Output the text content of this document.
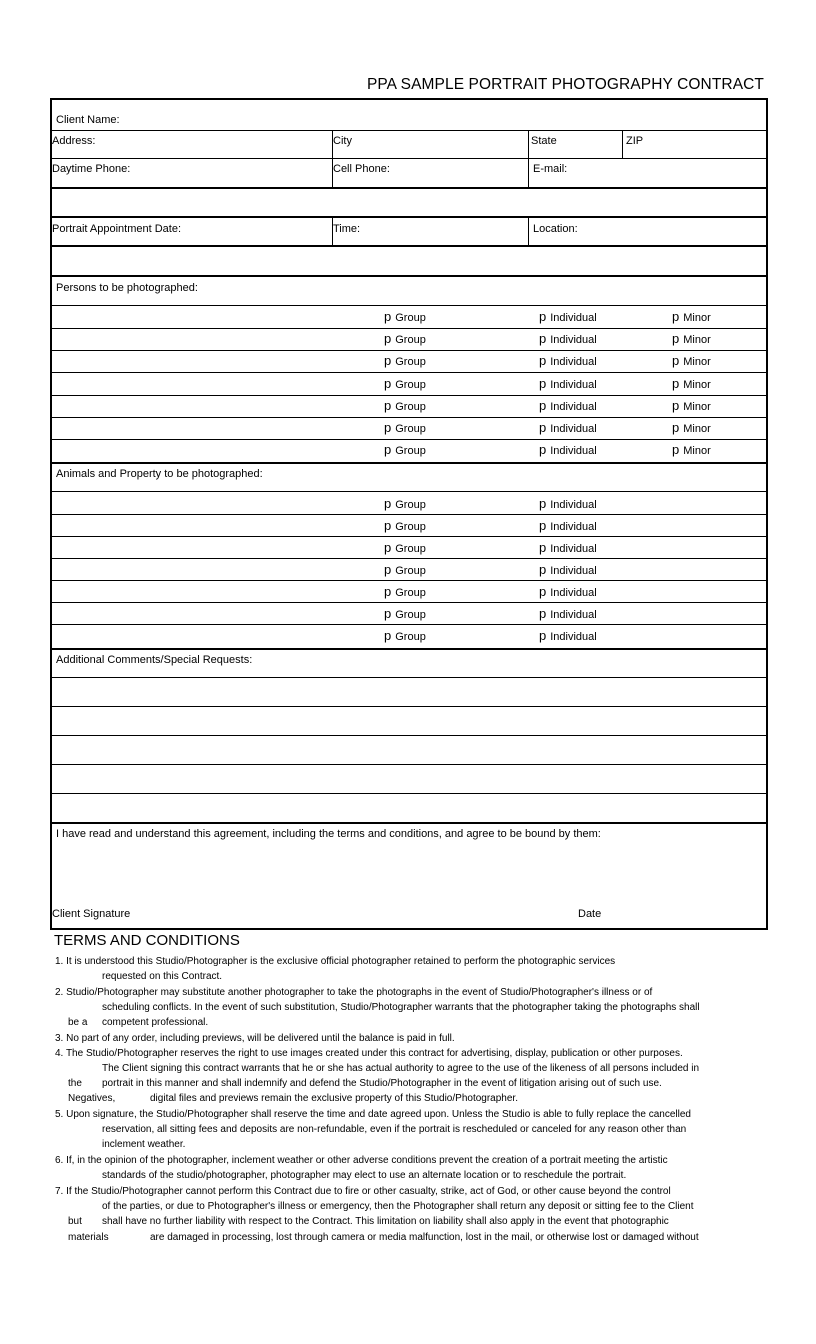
PPA SAMPLE PORTRAIT PHOTOGRAPHY CONTRACT
Client Name:
Address:	City	State	ZIP
Daytime Phone:	Cell Phone:	E-mail:
Portrait Appointment Date:	Time:	Location:
Persons to be photographed:
p Group	p Individual	p Minor
p Group	p Individual	p Minor
p Group	p Individual	p Minor
p Group	p Individual	p Minor
p Group	p Individual	p Minor
p Group	p Individual	p Minor
p Group	p Individual	p Minor
Animals and Property to be photographed:
p Group	p Individual
p Group	p Individual
p Group	p Individual
p Group	p Individual
p Group	p Individual
p Group	p Individual
p Group	p Individual
Additional Comments/Special Requests:
I have read and understand this agreement, including the terms and conditions, and agree to be bound by them:
Client Signature	Date
TERMS AND CONDITIONS
1. It is understood this Studio/Photographer is the exclusive official photographer retained to perform the photographic services
requested on this Contract.
2. Studio/Photographer may substitute another photographer to take the photographs in the event of Studio/Photographer's illness or of
scheduling conflicts. In the event of such substitution, Studio/Photographer warrants that the photographer taking the photographs shall
be a competent professional.
3. No part of any order, including previews, will be delivered until the balance is paid in full.
4. The Studio/Photographer reserves the right to use images created under this contract for advertising, display, publication or other purposes.
The Client signing this contract warrants that he or she has actual authority to agree to the use of the likeness of all persons included in
the portrait in this manner and shall indemnify and defend the Studio/Photographer in the event of litigation arising out of such use.
Negatives,	digital files and previews remain the exclusive property of this Studio/Photographer.
5. Upon signature, the Studio/Photographer shall reserve the time and date agreed upon. Unless the Studio is able to fully replace the cancelled
reservation, all sitting fees and deposits are non-refundable, even if the portrait is rescheduled or canceled for any reason other than
inclement weather.
6. If, in the opinion of the photographer, inclement weather or other adverse conditions prevent the creation of a portrait meeting the artistic
standards of the studio/photographer, photographer may elect to use an alternate location or to reschedule the portrait.
7. If the Studio/Photographer cannot perform this Contract due to fire or other casualty, strike, act of God, or other cause beyond the control
of the parties, or due to Photographer's illness or emergency, then the Photographer shall return any deposit or sitting fee to the Client
but shall have no further liability with respect to the Contract. This limitation on liability shall also apply in the event that photographic
materials	are damaged in processing, lost through camera or media malfunction, lost in the mail, or otherwise lost or damaged without
